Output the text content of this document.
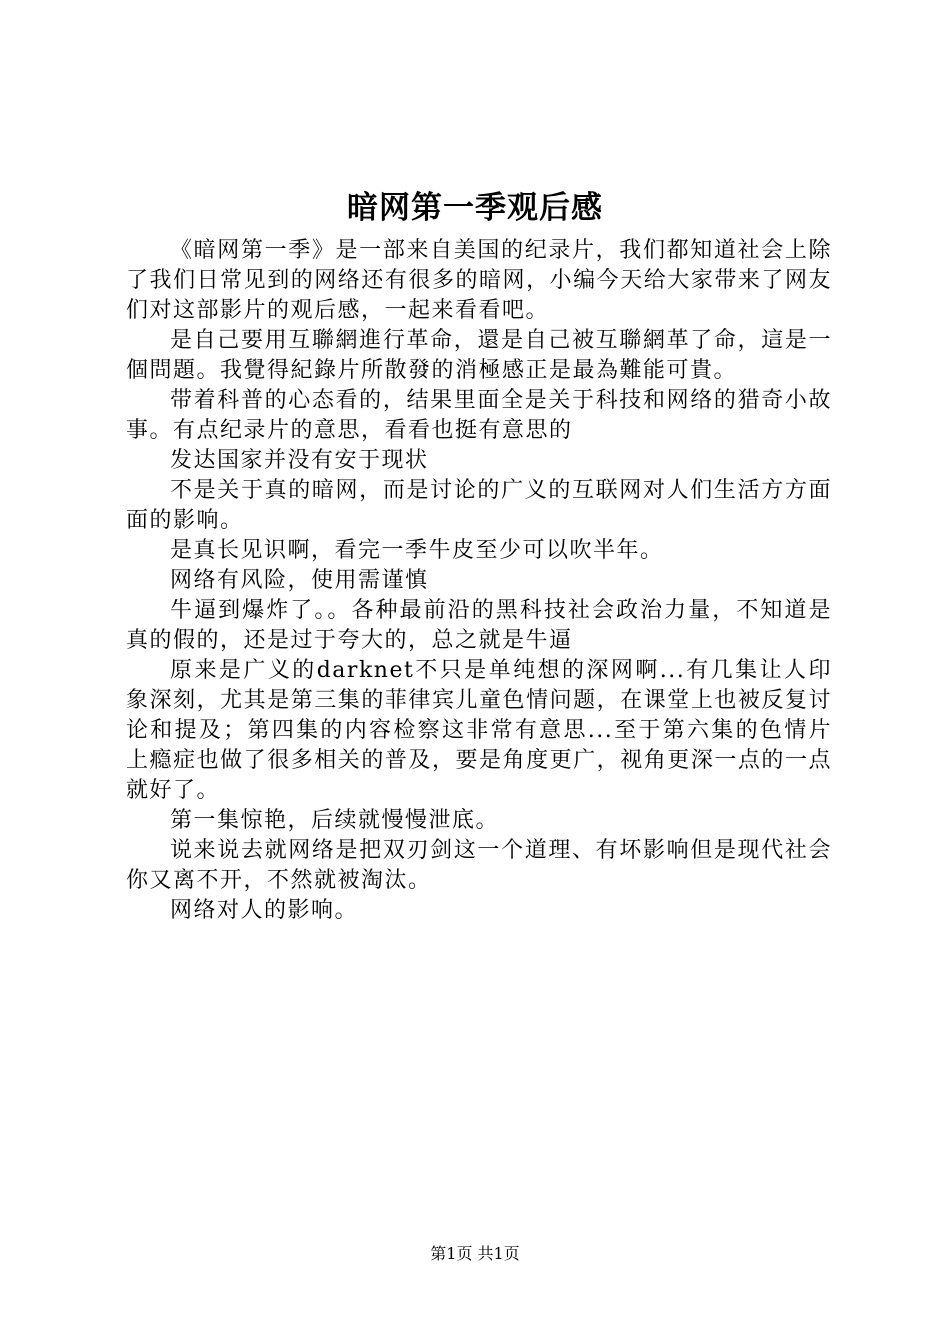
暗网第一季观后感

《暗网第一季》是一部来自美国的纪录片，我们都知道社会上除了我们日常见到的网络还有很多的暗网，小编今天给大家带来了网友们对这部影片的观后感，一起来看看吧。

是自己要用互聯網進行革命，還是自己被互聯網革了命，這是一個問題。我覺得紀錄片所散發的消極感正是最為難能可貴。

带着科普的心态看的，结果里面全是关于科技和网络的猎奇小故事。有点纪录片的意思，看看也挺有意思的

发达国家并没有安于现状

不是关于真的暗网，而是讨论的广义的互联网对人们生活方方面面的影响。

是真长见识啊，看完一季牛皮至少可以吹半年。

网络有风险，使用需谨慎

牛逼到爆炸了。。各种最前沿的黑科技社会政治力量，不知道是真的假的，还是过于夸大的，总之就是牛逼

原来是广义的darknet不只是单纯想的深网啊...有几集让人印象深刻，尤其是第三集的菲律宾儿童色情问题，在课堂上也被反复讨论和提及；第四集的内容检察这非常有意思...至于第六集的色情片上瘾症也做了很多相关的普及，要是角度更广，视角更深一点的一点就好了。

第一集惊艳，后续就慢慢泄底。

说来说去就网络是把双刃剑这一个道理、有坏影响但是现代社会你又离不开，不然就被淘汰。

网络对人的影响。

第1页 共1页
